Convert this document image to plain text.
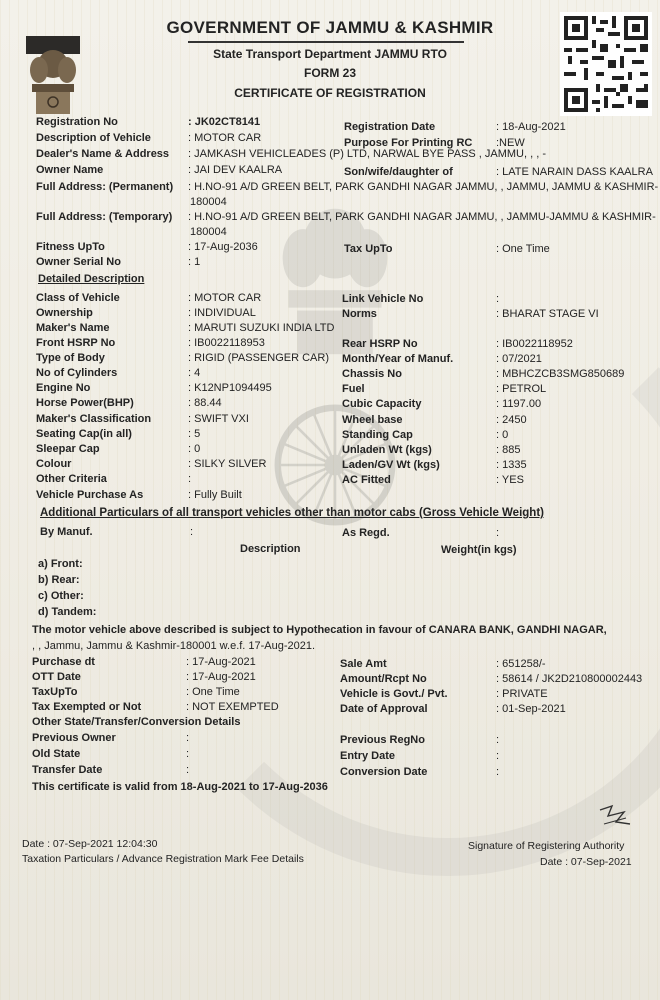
GOVERNMENT OF JAMMU & KASHMIR
State Transport Department JAMMU RTO
FORM 23
CERTIFICATE OF REGISTRATION
Registration No	: JK02CT8141	Registration Date	: 18-Aug-2021
Description of Vehicle	: MOTOR CAR	Purpose For Printing RC :NEW
Dealer's Name & Address : JAMKASH VEHICLEADES (P) LTD, NARWAL BYE PASS , JAMMU, , , -
Owner Name	: JAI DEV KAALRA	Son/wife/daughter of	: LATE NARAIN DASS KAALRA
Full Address: (Permanent) : H.NO-91 A/D GREEN BELT, PARK GANDHI NAGAR JAMMU, , JAMMU, JAMMU & KASHMIR-
180004
Full Address: (Temporary) : H.NO-91 A/D GREEN BELT, PARK GANDHI NAGAR JAMMU, , JAMMU-JAMMU & KASHMIR-
180004
Fitness UpTo	: 17-Aug-2036	Tax UpTo	: One Time
Owner Serial No	: 1
Detailed Description
Class of Vehicle	: MOTOR CAR	Link Vehicle No	:
Ownership	: INDIVIDUAL	Norms	: BHARAT STAGE VI
Maker's Name	: MARUTI SUZUKI INDIA LTD
Front HSRP No	: IB0022118953	Rear HSRP No	: IB0022118952
Type of Body	: RIGID (PASSENGER CAR) Month/Year of Manuf.	: 07/2021
No of Cylinders	: 4	Chassis No	: MBHCZCB3SMG850689
Engine No	: K12NP1094495	Fuel	: PETROL
Horse Power(BHP)	: 88.44	Cubic Capacity	: 1197.00
Maker's Classification	: SWIFT VXI	Wheel base	: 2450
Seating Cap(in all)	: 5	Standing Cap	: 0
Sleepar Cap	: 0	Unladen Wt (kgs)	: 885
Colour	: SILKY SILVER	Laden/GV Wt (kgs)	: 1335
Other Criteria	:	AC Fitted	: YES
Vehicle Purchase As	: Fully Built
Additional Particulars of all transport vehicles other than motor cabs (Gross Vehicle Weight)
By Manuf.	:	As Regd.	:
Description	Weight(in kgs)
a) Front:
b) Rear:
c) Other:
d) Tandem:
The motor vehicle above described is subject to Hypothecation in favour of CANARA BANK, GANDHI NAGAR,
, , Jammu, Jammu & Kashmir-180001 w.e.f. 17-Aug-2021.
Purchase dt	: 17-Aug-2021	Sale Amt	: 651258/-
OTT Date	: 17-Aug-2021	Amount/Rcpt No	: 58614 / JK2D210800002443
TaxUpTo	: One Time	Vehicle is Govt./ Pvt.	: PRIVATE
Tax Exempted or Not	: NOT EXEMPTED	Date of Approval	: 01-Sep-2021
Other State/Transfer/Conversion Details
Previous Owner	:	Previous RegNo	:
Old State	:	Entry Date	:
Transfer Date	:	Conversion Date	:
This certificate is valid from 18-Aug-2021 to 17-Aug-2036
Date : 07-Sep-2021 12:04:30
Taxation Particulars / Advance Registration Mark Fee Details
Signature of Registering Authority
Date : 07-Sep-2021
